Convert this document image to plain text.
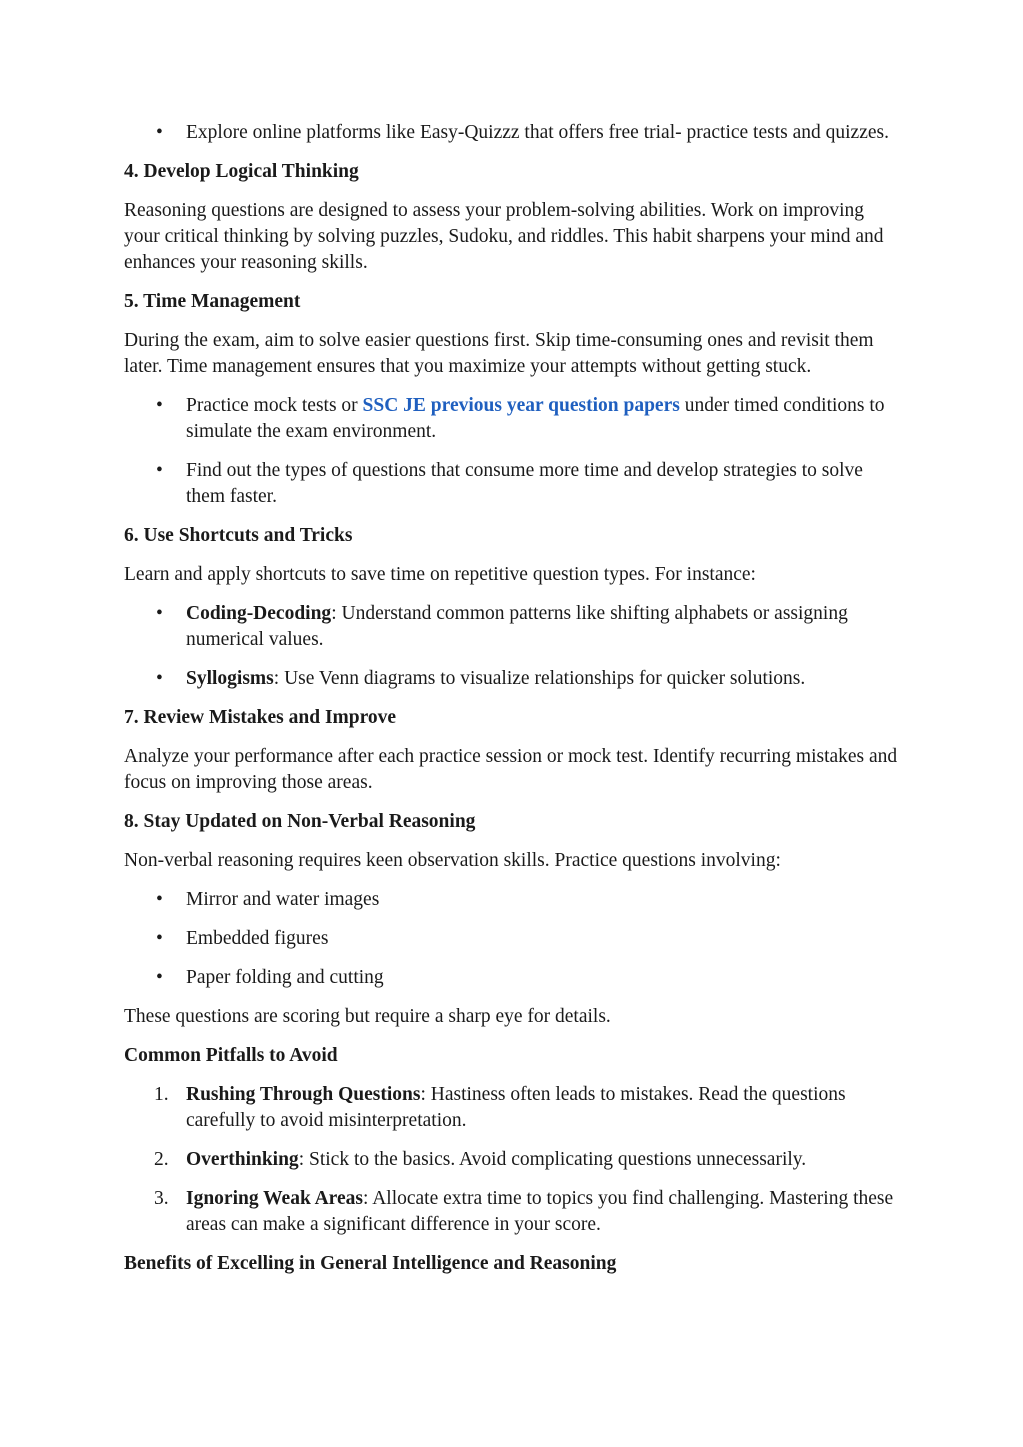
• Explore online platforms like Easy-Quizzz that offers free trial- practice tests and quizzes.
4. Develop Logical Thinking

Reasoning questions are designed to assess your problem-solving abilities. Work on improving your critical thinking by solving puzzles, Sudoku, and riddles. This habit sharpens your mind and enhances your reasoning skills.

5. Time Management

During the exam, aim to solve easier questions first. Skip time-consuming ones and revisit them later. Time management ensures that you maximize your attempts without getting stuck.

• Practice mock tests or SSC JE previous year question papers under timed conditions to simulate the exam environment.
• Find out the types of questions that consume more time and develop strategies to solve them faster.
6. Use Shortcuts and Tricks

Learn and apply shortcuts to save time on repetitive question types. For instance:

• Coding-Decoding: Understand common patterns like shifting alphabets or assigning numerical values.
• Syllogisms: Use Venn diagrams to visualize relationships for quicker solutions.
7. Review Mistakes and Improve

Analyze your performance after each practice session or mock test. Identify recurring mistakes and focus on improving those areas.

8. Stay Updated on Non-Verbal Reasoning

Non-verbal reasoning requires keen observation skills. Practice questions involving:

• Mirror and water images
• Embedded figures
• Paper folding and cutting

These questions are scoring but require a sharp eye for details.

Common Pitfalls to Avoid
1. Rushing Through Questions: Hastiness often leads to mistakes. Read the questions carefully to avoid misinterpretation.
2. Overthinking: Stick to the basics. Avoid complicating questions unnecessarily.
3. Ignoring Weak Areas: Allocate extra time to topics you find challenging. Mastering these areas can make a significant difference in your score.
Benefits of Excelling in General Intelligence and Reasoning
